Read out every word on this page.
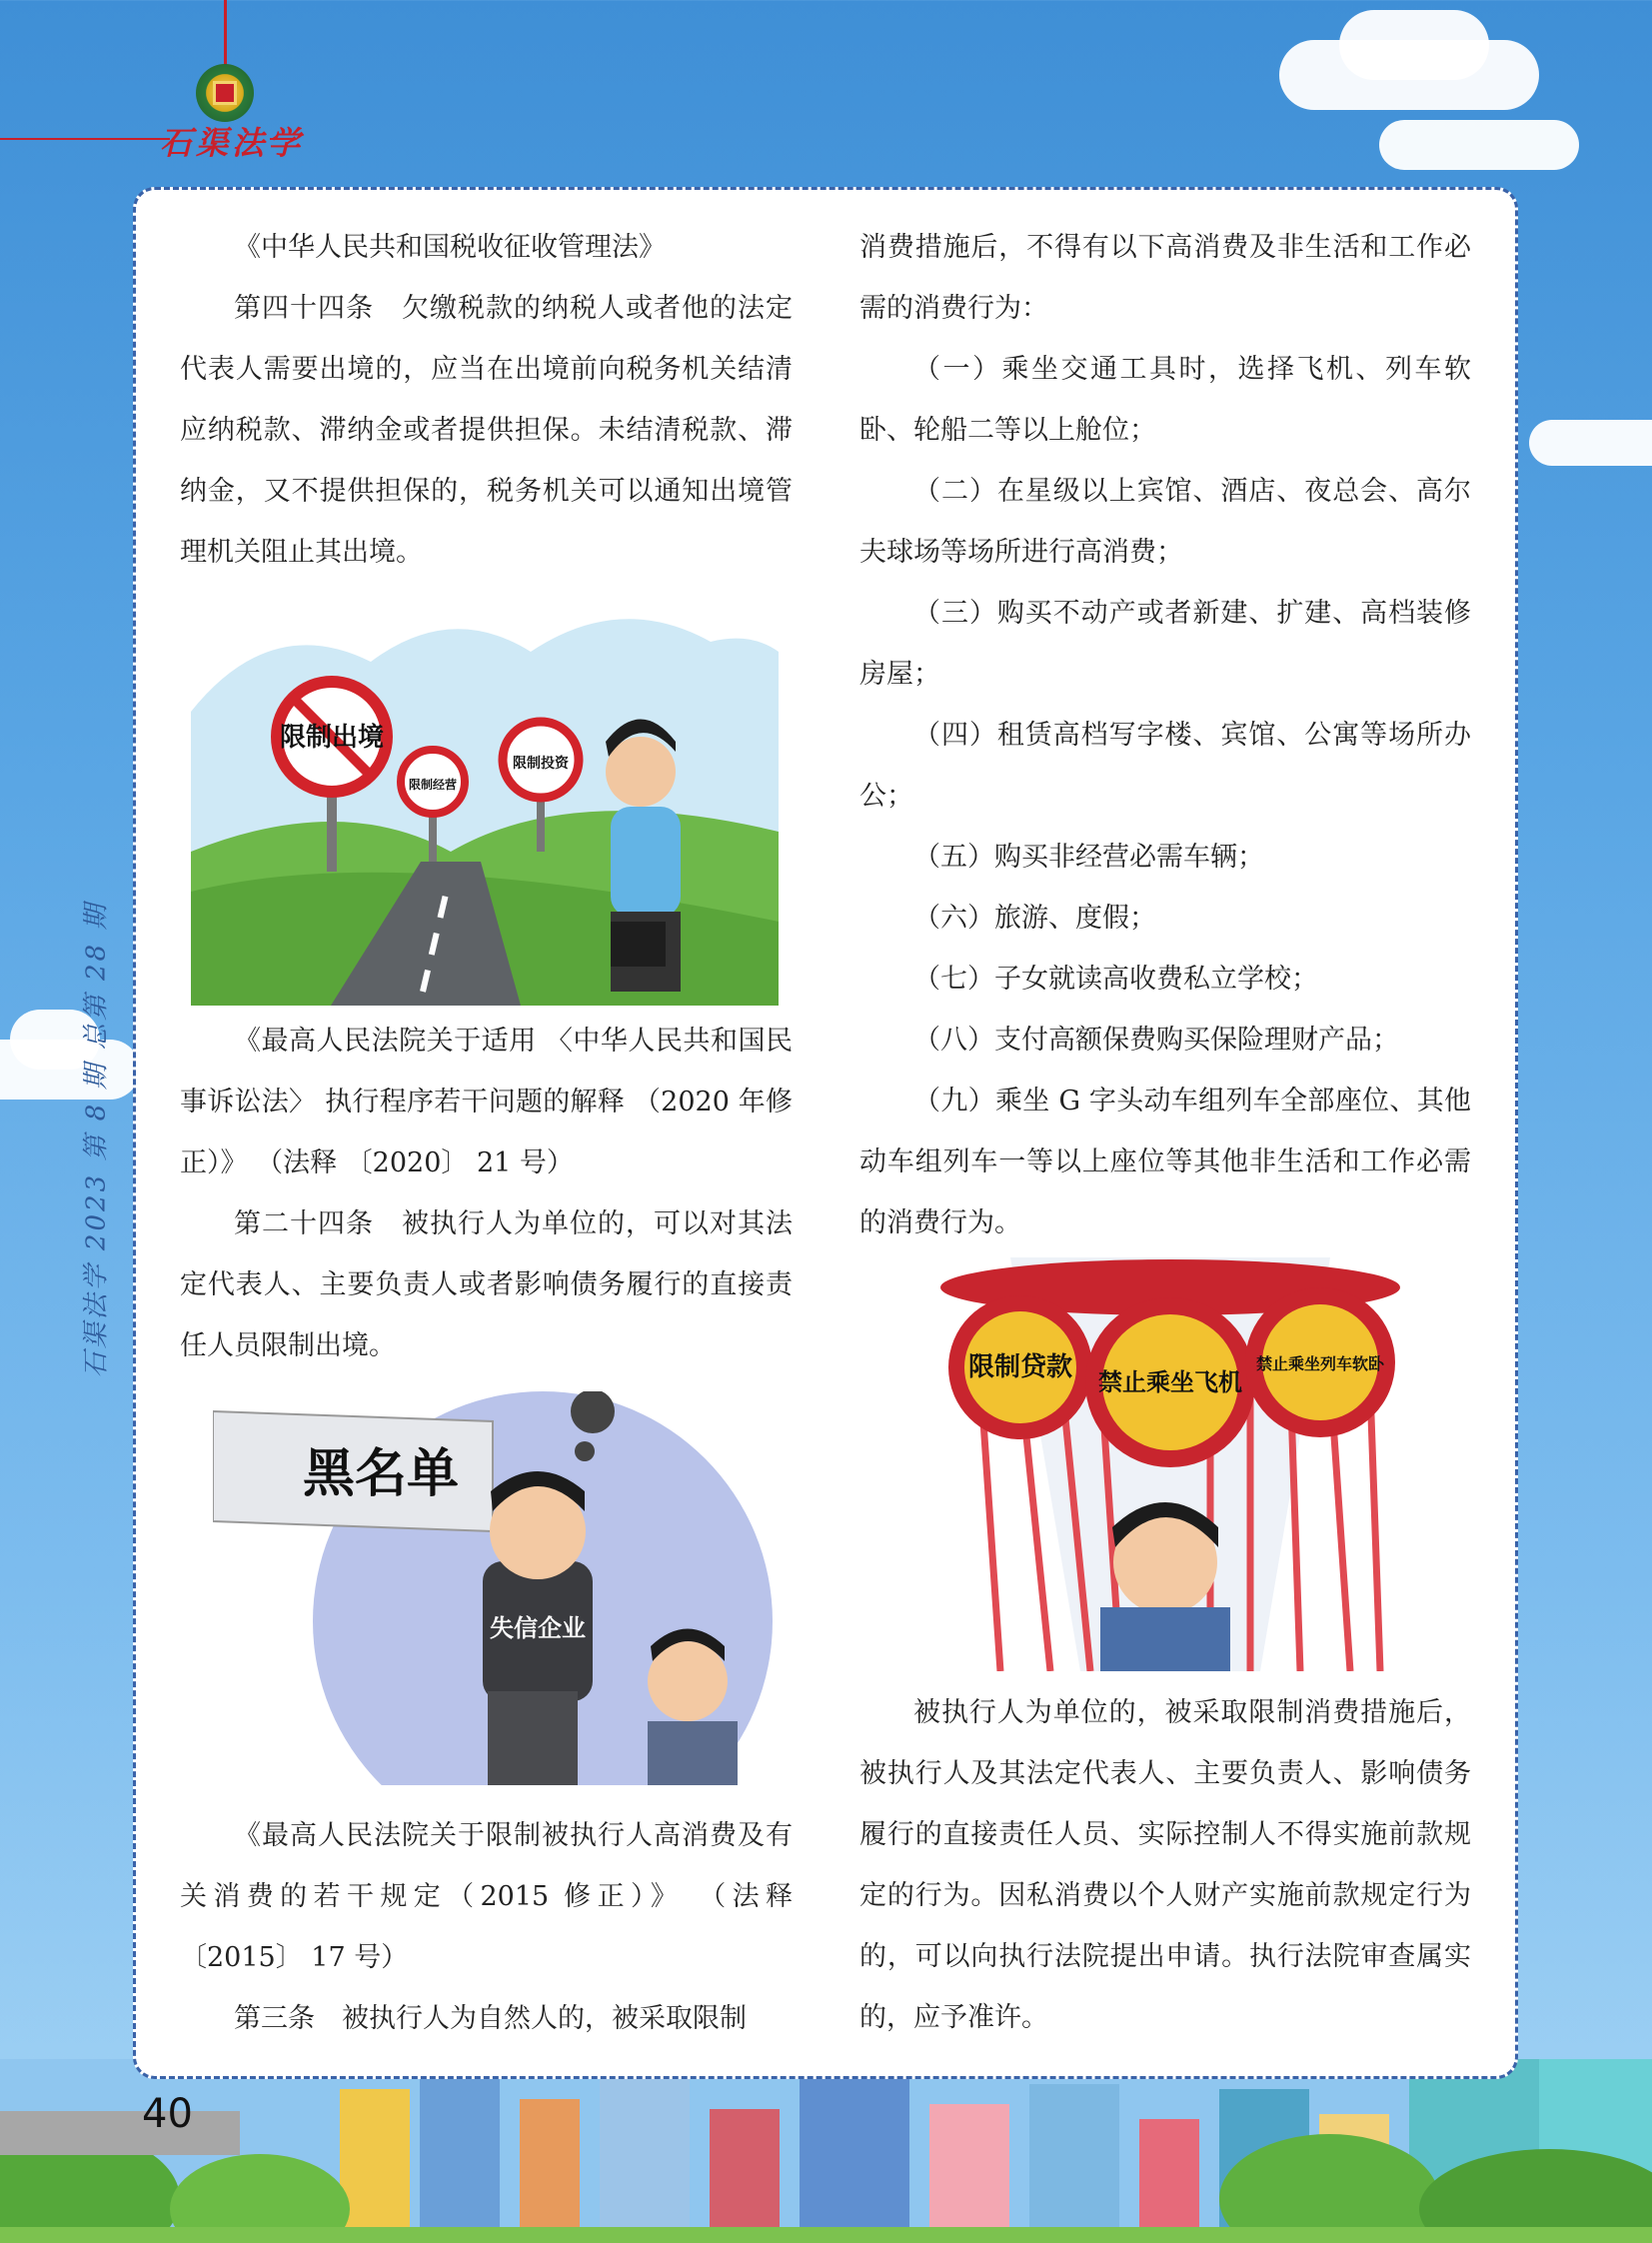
石渠法学
石渠法学 2023 第 8 期 总第 28 期
40

《中华人民共和国税收征收管理法》

第四十四条　欠缴税款的纳税人或者他的法定代表人需要出境的，应当在出境前向税务机关结清应纳税款、滞纳金或者提供担保。未结清税款、滞纳金，又不提供担保的，税务机关可以通知出境管理机关阻止其出境。

限制出境
限制经营
限制投资

《最高人民法院关于适用 〈中华人民共和国民事诉讼法〉 执行程序若干问题的解释 （2020 年修正）》 （法释 〔2020〕 21 号）

第二十四条　被执行人为单位的，可以对其法定代表人、主要负责人或者影响债务履行的直接责任人员限制出境。

黑名单
失信企业

《最高人民法院关于限制被执行人高消费及有关消费的若干规定（2015 修正）》 （法释〔2015〕 17 号）

第三条　被执行人为自然人的，被采取限制

消费措施后，不得有以下高消费及非生活和工作必需的消费行为：

（一）乘坐交通工具时，选择飞机、列车软卧、轮船二等以上舱位；

（二）在星级以上宾馆、酒店、夜总会、高尔夫球场等场所进行高消费；

（三）购买不动产或者新建、扩建、高档装修房屋；

（四）租赁高档写字楼、宾馆、公寓等场所办公；

（五）购买非经营必需车辆；

（六）旅游、度假；

（七）子女就读高收费私立学校；

（八）支付高额保费购买保险理财产品；

（九）乘坐 G 字头动车组列车全部座位、其他动车组列车一等以上座位等其他非生活和工作必需的消费行为。

限制贷款 禁止乘坐飞机
禁止乘坐列车软卧

被执行人为单位的，被采取限制消费措施后，被执行人及其法定代表人、主要负责人、影响债务履行的直接责任人员、实际控制人不得实施前款规定的行为。因私消费以个人财产实施前款规定行为的，可以向执行法院提出申请。执行法院审查属实的，应予准许。
